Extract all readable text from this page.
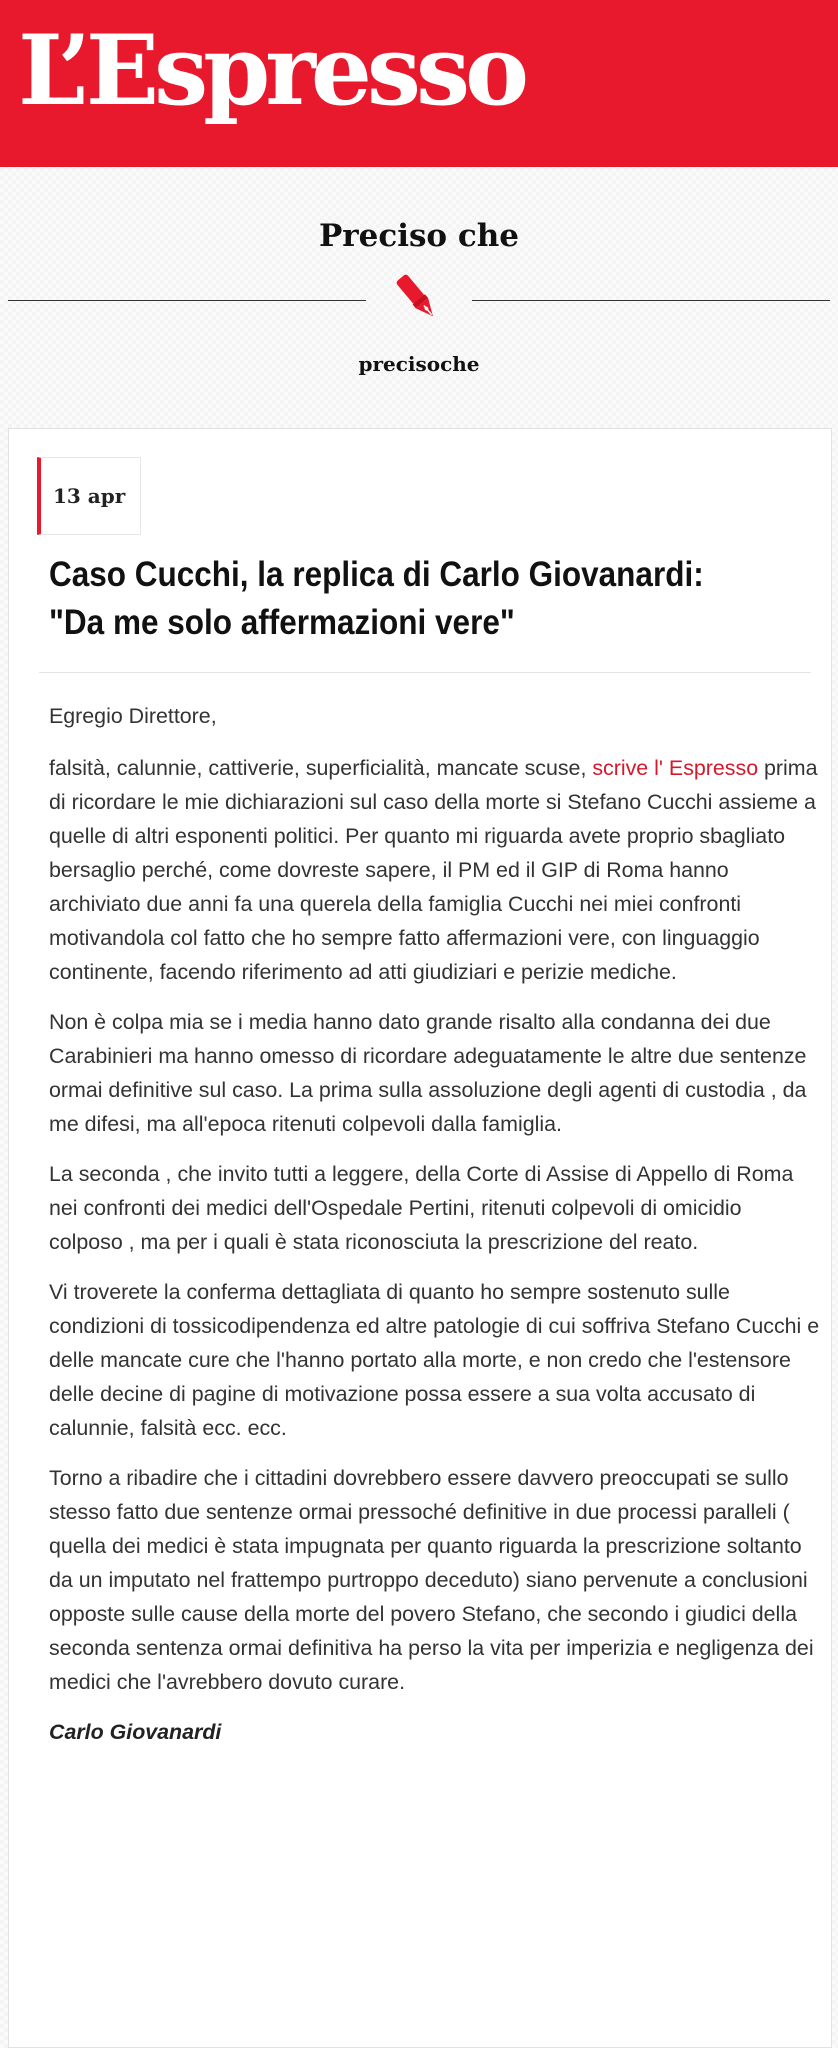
L’Espresso
Preciso che
precisoche
13 apr
Caso Cucchi, la replica di Carlo Giovanardi:
"Da me solo affermazioni vere"

Egregio Direttore,

falsità, calunnie, cattiverie, superficialità, mancate scuse, scrive l' Espresso prima di ricordare le mie dichiarazioni sul caso della morte si Stefano Cucchi assieme a quelle di altri esponenti politici. Per quanto mi riguarda avete proprio sbagliato bersaglio perché, come dovreste sapere, il PM ed il GIP di Roma hanno archiviato due anni fa una querela della famiglia Cucchi nei miei confronti motivandola col fatto che ho sempre fatto affermazioni vere, con linguaggio continente, facendo riferimento ad atti giudiziari e perizie mediche.

Non è colpa mia se i media hanno dato grande risalto alla condanna dei due Carabinieri ma hanno omesso di ricordare adeguatamente le altre due sentenze ormai definitive sul caso. La prima sulla assoluzione degli agenti di custodia , da me difesi, ma all'epoca ritenuti colpevoli dalla famiglia.

La seconda , che invito tutti a leggere, della Corte di Assise di Appello di Roma nei confronti dei medici dell'Ospedale Pertini, ritenuti colpevoli di omicidio colposo , ma per i quali è stata riconosciuta la prescrizione del reato.

Vi troverete la conferma dettagliata di quanto ho sempre sostenuto sulle condizioni di tossicodipendenza ed altre patologie di cui soffriva Stefano Cucchi e delle mancate cure che l'hanno portato alla morte, e non credo che l'estensore delle decine di pagine di motivazione possa essere a sua volta accusato di calunnie, falsità ecc. ecc.

Torno a ribadire che i cittadini dovrebbero essere davvero preoccupati se sullo stesso fatto due sentenze ormai pressoché definitive in due processi paralleli ( quella dei medici è stata impugnata per quanto riguarda la prescrizione soltanto da un imputato nel frattempo purtroppo deceduto) siano pervenute a conclusioni opposte sulle cause della morte del povero Stefano, che secondo i giudici della seconda sentenza ormai definitiva ha perso la vita per imperizia e negligenza dei medici che l'avrebbero dovuto curare.

Carlo Giovanardi
